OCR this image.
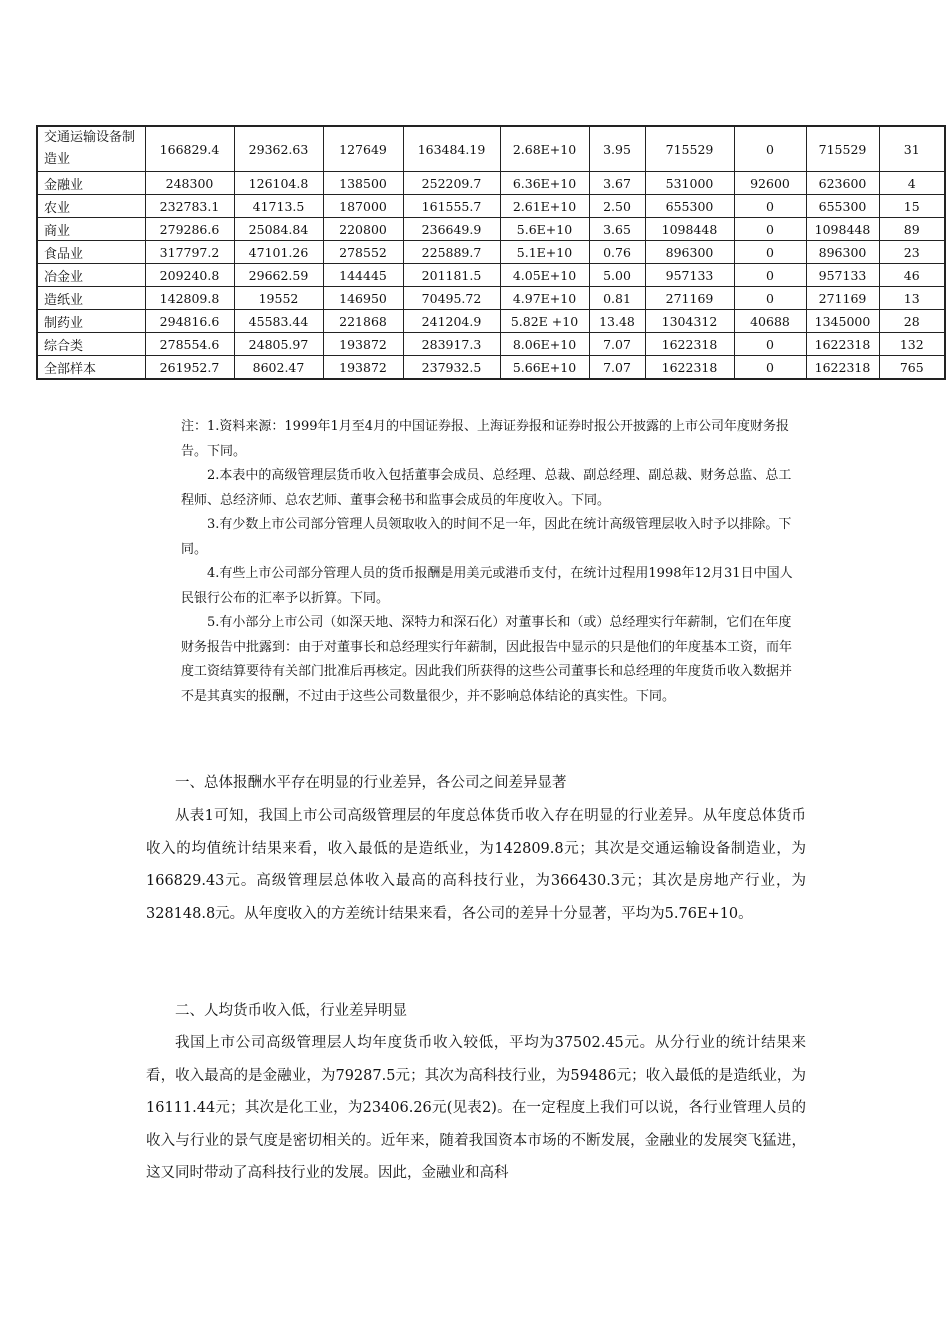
交通运输设备制造业	166829.4	29362.63	127649	163484.19	2.68E+10	3.95	715529	0	715529	31
金融业	248300	126104.8	138500	252209.7	6.36E+10	3.67	531000	92600	623600	4
农业	232783.1	41713.5	187000	161555.7	2.61E+10	2.50	655300	0	655300	15
商业	279286.6	25084.84	220800	236649.9	5.6E+10	3.65	1098448	0	1098448	89
食品业	317797.2	47101.26	278552	225889.7	5.1E+10	0.76	896300	0	896300	23
冶金业	209240.8	29662.59	144445	201181.5	4.05E+10	5.00	957133	0	957133	46
造纸业	142809.8	19552	146950	70495.72	4.97E+10	0.81	271169	0	271169	13
制药业	294816.6	45583.44	221868	241204.9	5.82E +10	13.48	1304312	40688	1345000	28
综合类	278554.6	24805.97	193872	283917.3	8.06E+10	7.07	1622318	0	1622318	132
全部样本	261952.7	8602.47	193872	237932.5	5.66E+10	7.07	1622318	0	1622318	765

注：1.资料来源：1999年1月至4月的中国证券报、上海证券报和证券时报公开披露的上市公司年度财务报告。下同。

2.本表中的高级管理层货币收入包括董事会成员、总经理、总裁、副总经理、副总裁、财务总监、总工程师、总经济师、总农艺师、董事会秘书和监事会成员的年度收入。下同。

3.有少数上市公司部分管理人员领取收入的时间不足一年，因此在统计高级管理层收入时予以排除。下同。

4.有些上市公司部分管理人员的货币报酬是用美元或港币支付，在统计过程用1998年12月31日中国人民银行公布的汇率予以折算。下同。

5.有小部分上市公司（如深天地、深特力和深石化）对董事长和（或）总经理实行年薪制，它们在年度财务报告中批露到：由于对董事长和总经理实行年薪制，因此报告中显示的只是他们的年度基本工资，而年度工资结算要待有关部门批准后再核定。因此我们所获得的这些公司董事长和总经理的年度货币收入数据并不是其真实的报酬，不过由于这些公司数量很少，并不影响总体结论的真实性。下同。

一、总体报酬水平存在明显的行业差异，各公司之间差异显著

从表1可知，我国上市公司高级管理层的年度总体货币收入存在明显的行业差异。从年度总体货币收入的均值统计结果来看，收入最低的是造纸业，为142809.8元；其次是交通运输设备制造业，为166829.43元。高级管理层总体收入最高的高科技行业，为366430.3元；其次是房地产行业，为328148.8元。从年度收入的方差统计结果来看，各公司的差异十分显著，平均为5.76E+10。

二、人均货币收入低，行业差异明显

我国上市公司高级管理层人均年度货币收入较低，平均为37502.45元。从分行业的统计结果来看，收入最高的是金融业，为79287.5元；其次为高科技行业，为59486元；收入最低的是造纸业，为16111.44元；其次是化工业，为23406.26元(见表2)。在一定程度上我们可以说，各行业管理人员的收入与行业的景气度是密切相关的。近年来，随着我国资本市场的不断发展，金融业的发展突飞猛进，这又同时带动了高科技行业的发展。因此，金融业和高科
